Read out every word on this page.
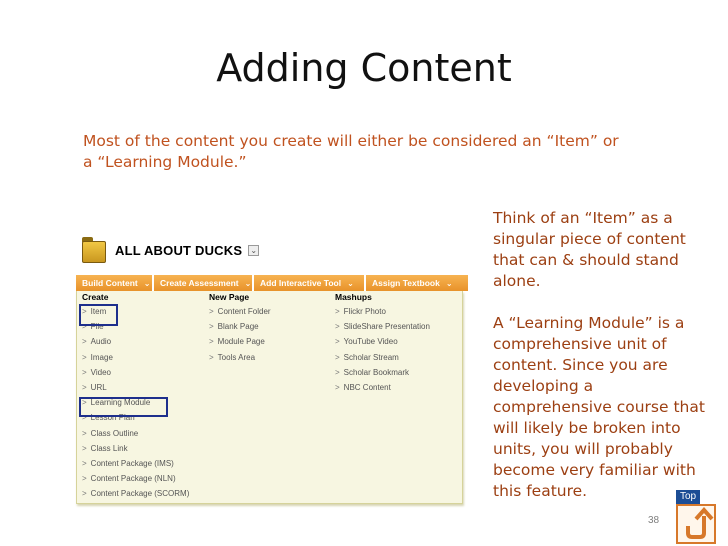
Adding Content
Most of the content you create will either be considered an “Item” or a “Learning Module.”

Think of an “Item” as a singular piece of content that can & should stand alone.

A “Learning Module” is a comprehensive unit of content. Since you are developing a comprehensive course that will likely be broken into units, you will probably become very familiar with this feature.

ALL ABOUT DUCKS ⌄
Build Content ⌄ Create Assessment ⌄ Add Interactive Tool ⌄ Assign Textbook ⌄
Create
> Item
> File
> Audio
> Image
> Video
> URL
> Learning Module
> Lesson Plan
> Class Outline
> Class Link
> Content Package (IMS)
> Content Package (NLN)
> Content Package (SCORM)
New Page
> Content Folder
> Blank Page
> Module Page
> Tools Area
Mashups
> Flickr Photo
> SlideShare Presentation
> YouTube Video
> Scholar Stream
> Scholar Bookmark
> NBC Content
38
Top
